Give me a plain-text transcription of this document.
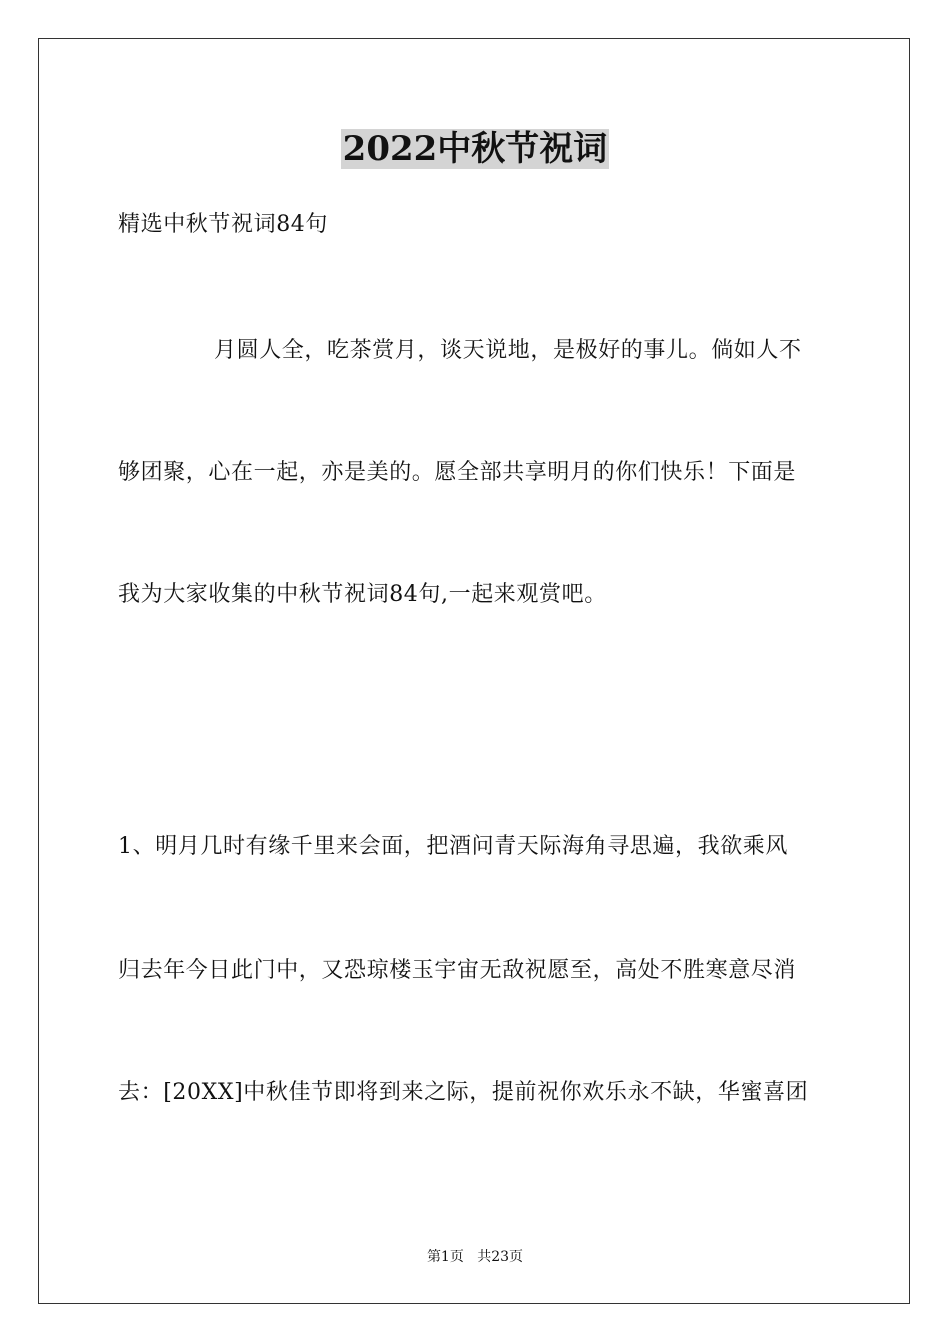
2022中秋节祝词
精选中秋节祝词84句
月圆人全，吃茶赏月，谈天说地，是极好的事儿。倘如人不
够团聚，心在一起，亦是美的。愿全部共享明月的你们快乐！下面是
我为大家收集的中秋节祝词84句,一起来观赏吧。
1、明月几时有缘千里来会面，把酒问青天际海角寻思遍，我欲乘风
归去年今日此门中，又恐琼楼玉宇宙无敌祝愿至，高处不胜寒意尽消
去：[20XX]中秋佳节即将到来之际，提前祝你欢乐永不缺，华蜜喜团
第1页 共23页
